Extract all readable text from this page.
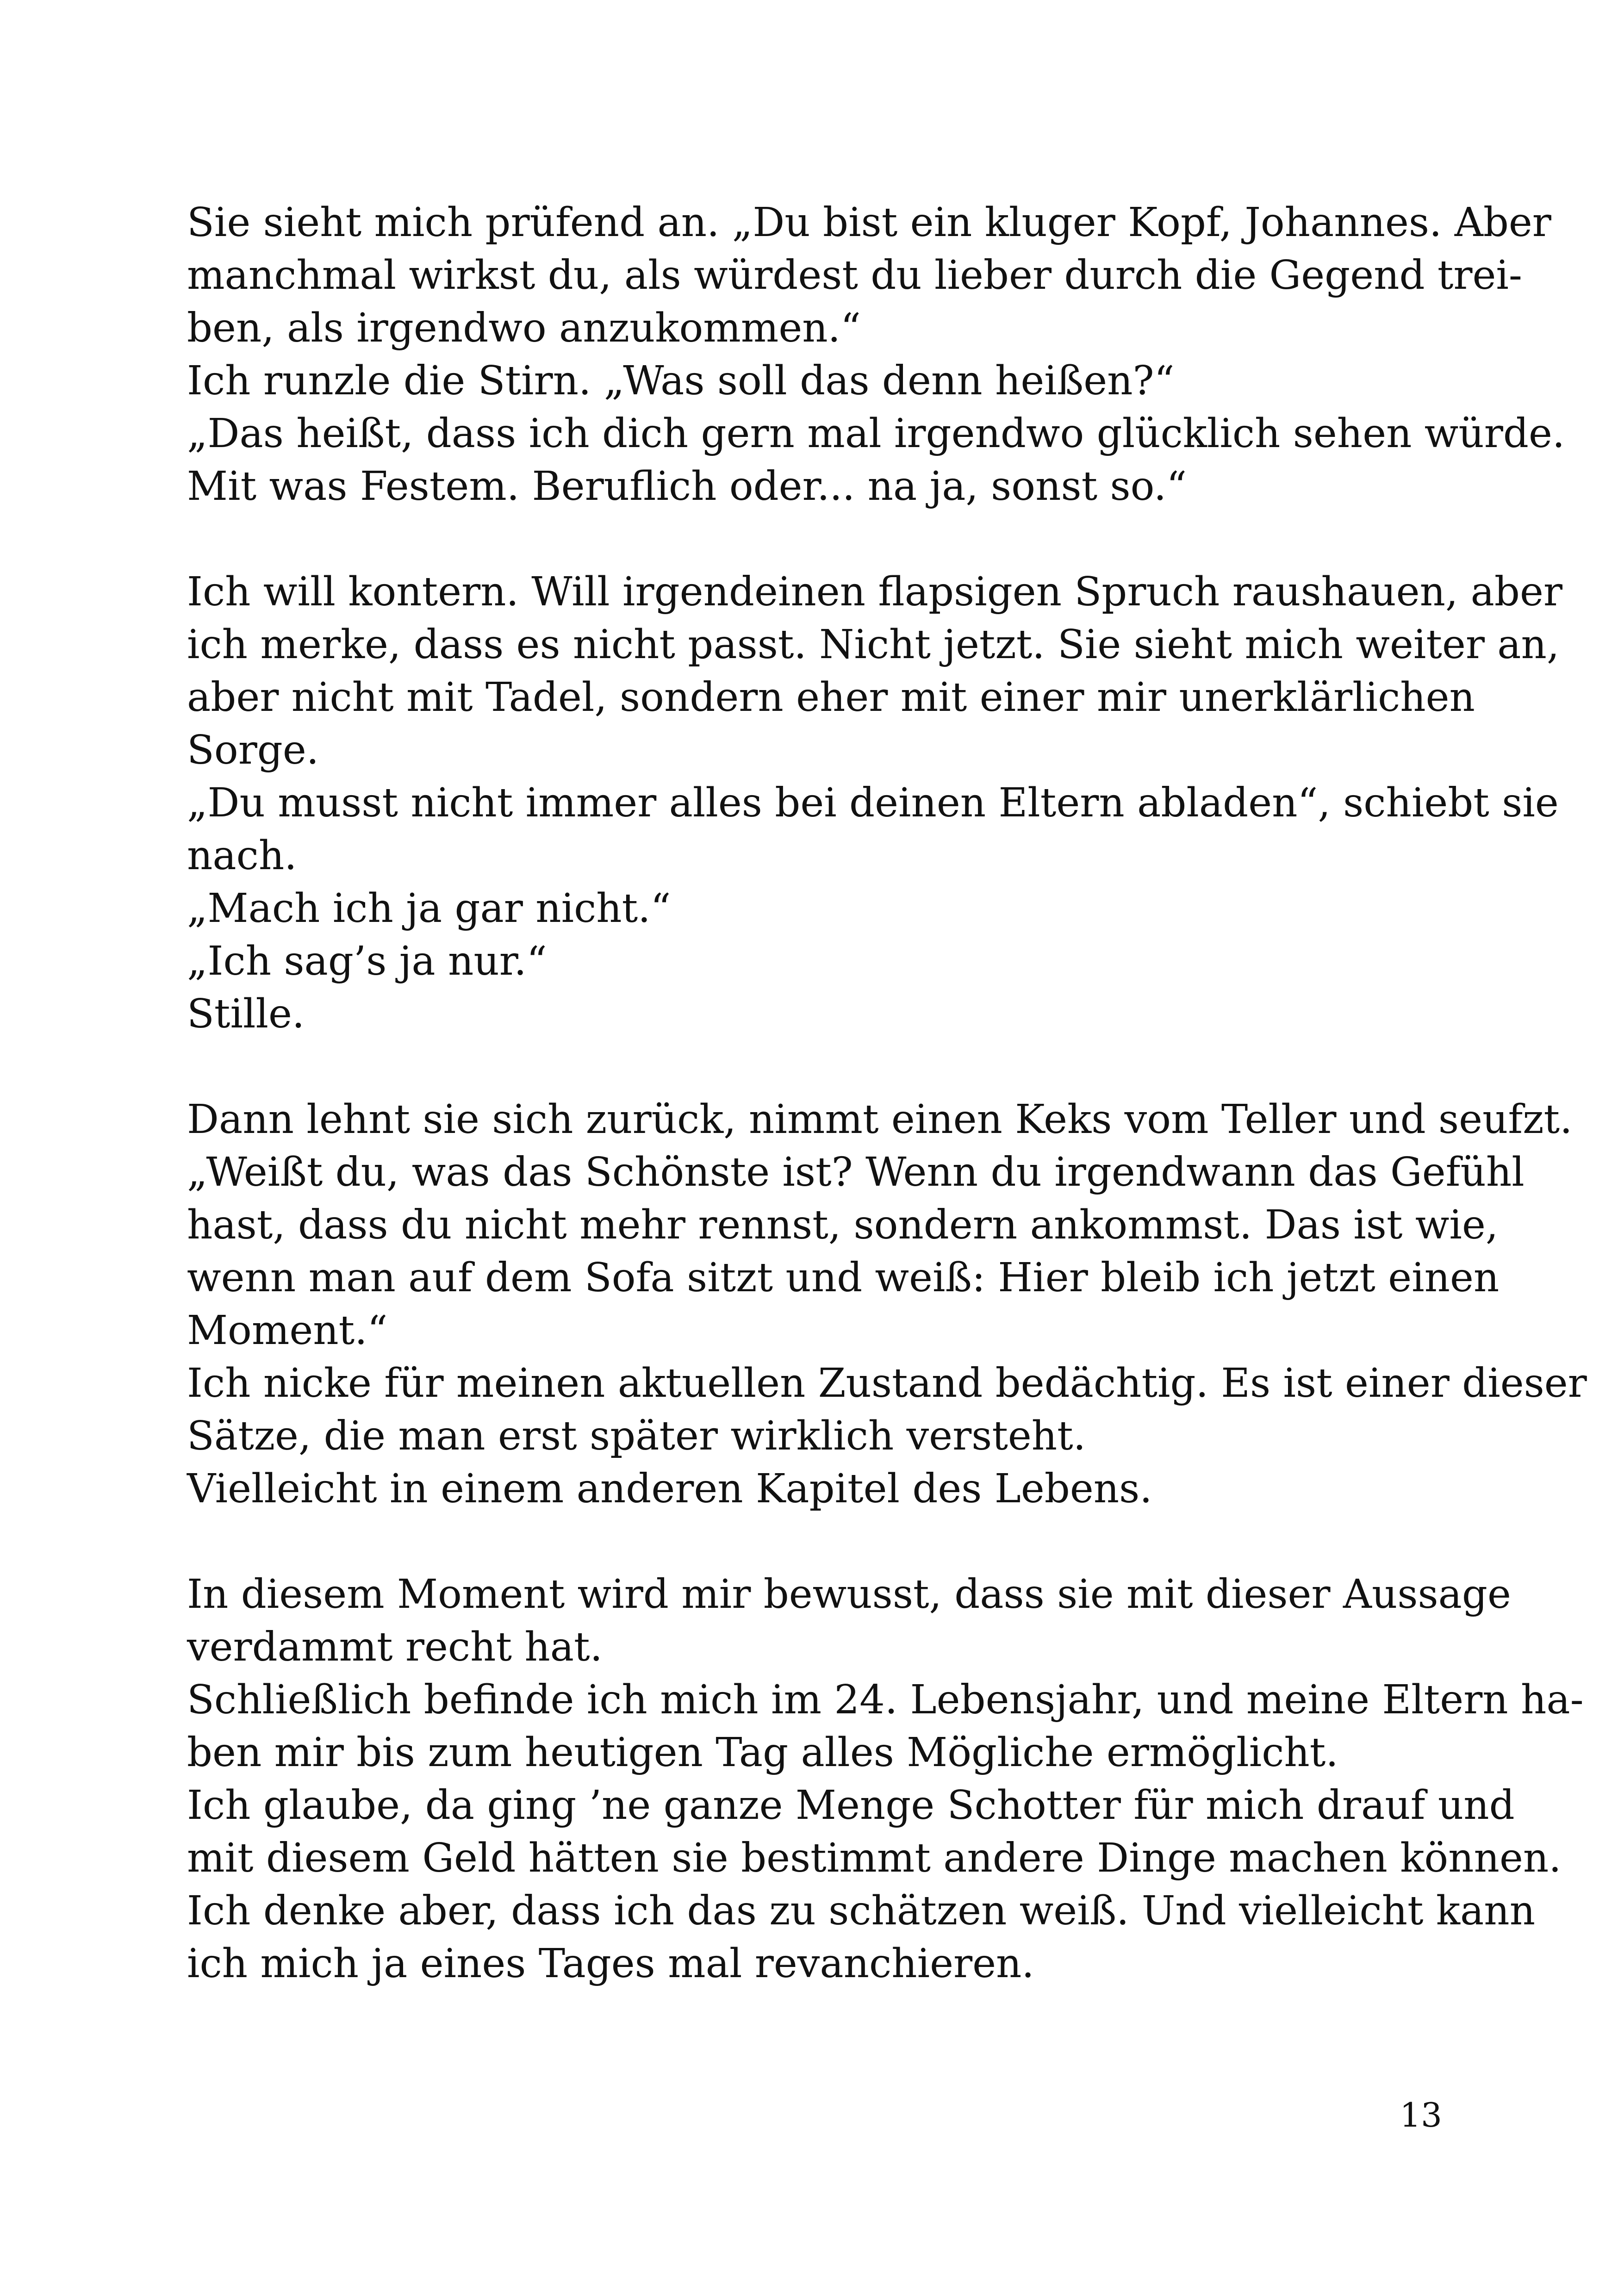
Sie sieht mich prüfend an. „Du bist ein kluger Kopf, Johannes. Aber
manchmal wirkst du, als würdest du lieber durch die Gegend trei-
ben, als irgendwo anzukommen.“
Ich runzle die Stirn. „Was soll das denn heißen?“
„Das heißt, dass ich dich gern mal irgendwo glücklich sehen würde.
Mit was Festem. Beruflich oder... na ja, sonst so.“
Ich will kontern. Will irgendeinen flapsigen Spruch raushauen, aber
ich merke, dass es nicht passt. Nicht jetzt. Sie sieht mich weiter an,
aber nicht mit Tadel, sondern eher mit einer mir unerklärlichen
Sorge.
„Du musst nicht immer alles bei deinen Eltern abladen“, schiebt sie
nach.
„Mach ich ja gar nicht.“
„Ich sag’s ja nur.“
Stille.
Dann lehnt sie sich zurück, nimmt einen Keks vom Teller und seufzt.
„Weißt du, was das Schönste ist? Wenn du irgendwann das Gefühl
hast, dass du nicht mehr rennst, sondern ankommst. Das ist wie,
wenn man auf dem Sofa sitzt und weiß: Hier bleib ich jetzt einen
Moment.“
Ich nicke für meinen aktuellen Zustand bedächtig. Es ist einer dieser
Sätze, die man erst später wirklich versteht.
Vielleicht in einem anderen Kapitel des Lebens.
In diesem Moment wird mir bewusst, dass sie mit dieser Aussage
verdammt recht hat.
Schließlich befinde ich mich im 24. Lebensjahr, und meine Eltern ha-
ben mir bis zum heutigen Tag alles Mögliche ermöglicht.
Ich glaube, da ging ’ne ganze Menge Schotter für mich drauf und
mit diesem Geld hätten sie bestimmt andere Dinge machen können.
Ich denke aber, dass ich das zu schätzen weiß. Und vielleicht kann
ich mich ja eines Tages mal revanchieren.
13
